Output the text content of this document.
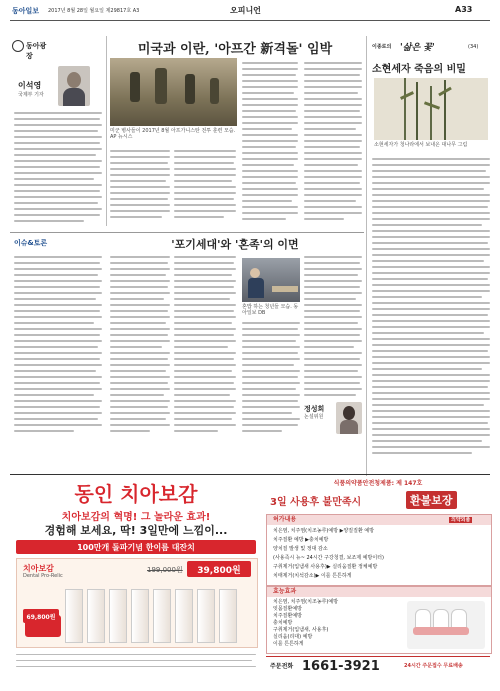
동아일보 2017년 8월 28일 월요일 제29817호 A3	오피니언	A33
동아광장
이석영
국제부 기자
미국과 이란, '아프간 新격돌' 임박
미군 병사들이 2017년 8월 아프가니스탄 전투 훈련 모습. AP 뉴시스
이종로의 '삶은 꽃'	(34)
소현세자 죽음의 비밀
소현세자가 청나라에서 보내온 대나무 그림
이슈&토론	'포기세대'와 '혼족'의 이면
혼밥 하는 청년들 모습. 동아일보 DB
정성희
논설위원
동인 치아보감
치아보감의 혁명! 그 놀라운 효과!
경험해 보세요, 딱! 3일만에 느낌이...
100만개 돌파기념 한이름 대잔치
치아보감
Dental Pro-Relic
199,000원	39,800원
69,800원
식품의약품안전청제품: 제 147호
3일 사용후 불만족시	환불보장
허가내용	의약외품
치은염, 치주염(치조농루)예방 ▶양질질환 예방
치주질환 예방 ▶충치예방
양치질 발생 및 정대 감소
(사용즉시 뉴~ 24시간 구강청결, 보조제 예방이터)
구취제거(입냄새 사용후)▶ 실리움질환 정체예방
치태제거(치석감소)▶ 이를 튼튼하게
효능효과
치은염, 치주염(치조농루)예방
잇몸질환예방
치주질환예방
충치예방
구취제거(입냄새, 사용후)
실리움(리대) 예방
이를 튼튼하게
주문전화 1661-3921	24시간 주문접수 무료배송
